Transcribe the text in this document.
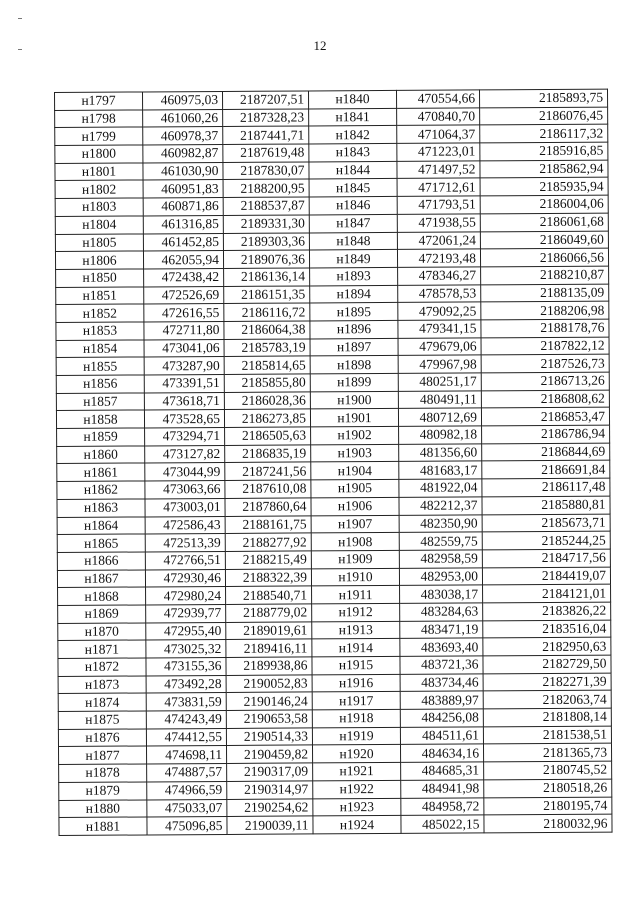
12
н1797	460975,03	2187207,51	н1840	470554,66	2185893,75
н1798	461060,26	2187328,23	н1841	470840,70	2186076,45
н1799	460978,37	2187441,71	н1842	471064,37	2186117,32
н1800	460982,87	2187619,48	н1843	471223,01	2185916,85
н1801	461030,90	2187830,07	н1844	471497,52	2185862,94
н1802	460951,83	2188200,95	н1845	471712,61	2185935,94
н1803	460871,86	2188537,87	н1846	471793,51	2186004,06
н1804	461316,85	2189331,30	н1847	471938,55	2186061,68
н1805	461452,85	2189303,36	н1848	472061,24	2186049,60
н1806	462055,94	2189076,36	н1849	472193,48	2186066,56
н1850	472438,42	2186136,14	н1893	478346,27	2188210,87
н1851	472526,69	2186151,35	н1894	478578,53	2188135,09
н1852	472616,55	2186116,72	н1895	479092,25	2188206,98
н1853	472711,80	2186064,38	н1896	479341,15	2188178,76
н1854	473041,06	2185783,19	н1897	479679,06	2187822,12
н1855	473287,90	2185814,65	н1898	479967,98	2187526,73
н1856	473391,51	2185855,80	н1899	480251,17	2186713,26
н1857	473618,71	2186028,36	н1900	480491,11	2186808,62
н1858	473528,65	2186273,85	н1901	480712,69	2186853,47
н1859	473294,71	2186505,63	н1902	480982,18	2186786,94
н1860	473127,82	2186835,19	н1903	481356,60	2186844,69
н1861	473044,99	2187241,56	н1904	481683,17	2186691,84
н1862	473063,66	2187610,08	н1905	481922,04	2186117,48
н1863	473003,01	2187860,64	н1906	482212,37	2185880,81
н1864	472586,43	2188161,75	н1907	482350,90	2185673,71
н1865	472513,39	2188277,92	н1908	482559,75	2185244,25
н1866	472766,51	2188215,49	н1909	482958,59	2184717,56
н1867	472930,46	2188322,39	н1910	482953,00	2184419,07
н1868	472980,24	2188540,71	н1911	483038,17	2184121,01
н1869	472939,77	2188779,02	н1912	483284,63	2183826,22
н1870	472955,40	2189019,61	н1913	483471,19	2183516,04
н1871	473025,32	2189416,11	н1914	483693,40	2182950,63
н1872	473155,36	2189938,86	н1915	483721,36	2182729,50
н1873	473492,28	2190052,83	н1916	483734,46	2182271,39
н1874	473831,59	2190146,24	н1917	483889,97	2182063,74
н1875	474243,49	2190653,58	н1918	484256,08	2181808,14
н1876	474412,55	2190514,33	н1919	484511,61	2181538,51
н1877	474698,11	2190459,82	н1920	484634,16	2181365,73
н1878	474887,57	2190317,09	н1921	484685,31	2180745,52
н1879	474966,59	2190314,97	н1922	484941,98	2180518,26
н1880	475033,07	2190254,62	н1923	484958,72	2180195,74
н1881	475096,85	2190039,11	н1924	485022,15	2180032,96
